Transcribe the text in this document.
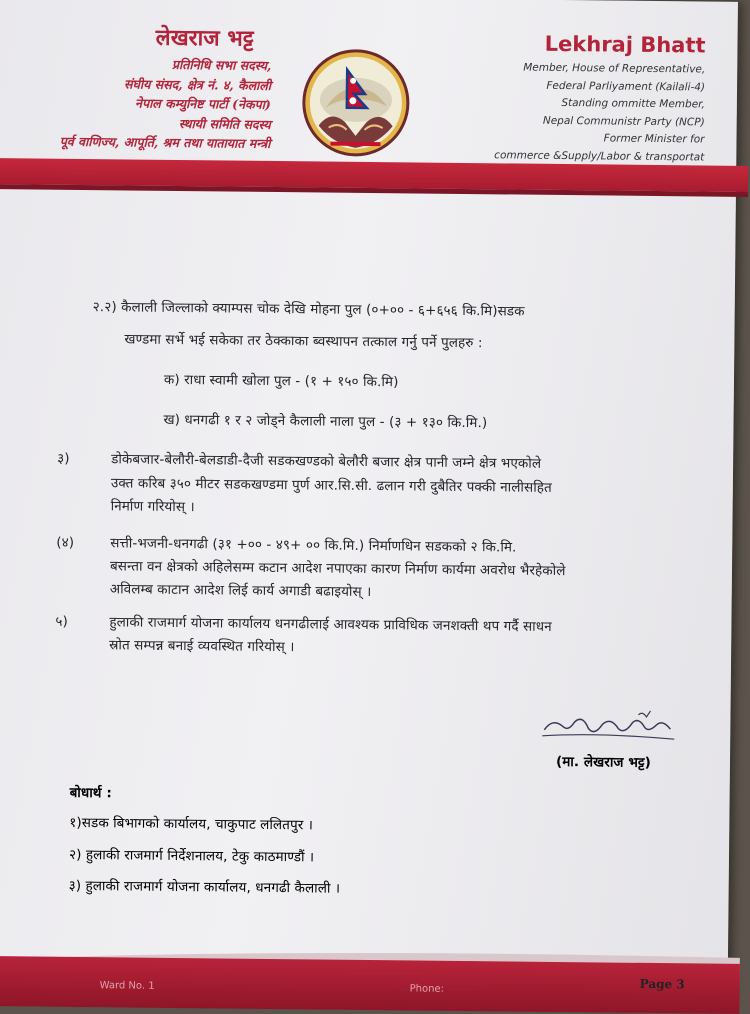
लेखराज भट्ट
प्रतिनिधि सभा सदस्य,
संघीय संसद, क्षेत्र नं. ४, कैलाली
नेपाल कम्युनिष्ट पार्टी (नेकपा)
स्थायी समिति सदस्य
पूर्व वाणिज्य, आपूर्ति, श्रम तथा यातायात मन्त्री
Lekhraj Bhatt
Member, House of Representative,
Federal Parliyament (Kailali-4)
Standing ommitte Member,
Nepal Communistr Party (NCP)
Former Minister for
commerce &Supply/Labor & transportat
२.२) कैलाली जिल्लाको क्याम्पस चोक देखि मोहना पुल (०+०० - ६+६५६ कि.मि)सडक
खण्डमा सर्भे भई सकेका तर ठेक्काका ब्वस्थापन तत्काल गर्नु पर्ने पुलहरु :
क) राधा स्वामी खोला पुल - (१ + १५० कि.मि)
ख) धनगढी १ र २ जोड्ने कैलाली नाला पुल - (३ + १३० कि.मि.)
३)	डोकेबजार-बेलौरी-बेलडाडी-दैजी सडकखण्डको बेलौरी बजार क्षेत्र पानी जम्ने क्षेत्र भएकोले
उक्त करिब ३५० मीटर सडकखण्डमा पुर्ण आर.सि.सी. ढलान गरी दुबैतिर पक्की नालीसहित
निर्माण गरियोस् ।
(४)	सत्ती-भजनी-धनगढी (३१ +०० - ४९+ ०० कि.मि.) निर्माणधिन सडकको २ कि.मि.
बसन्ता वन क्षेत्रको अहिलेसम्म कटान आदेश नपाएका कारण निर्माण कार्यमा अवरोध भैरहेकोले
अविलम्ब काटान आदेश लिई कार्य अगाडी बढाइयोस् ।
५)	हुलाकी राजमार्ग योजना कार्यालय धनगढीलाई आवश्यक प्राविधिक जनशक्ती थप गर्दै साधन
स्रोत सम्पन्न बनाई व्यवस्थित गरियोस् ।
(मा. लेखराज भट्ट)
बोधार्थ :
१)सडक बिभागको कार्यालय, चाकुपाट ललितपुर ।
२) हुलाकी राजमार्ग निर्देशनालय, टेकु काठमाण्डौं ।
३) हुलाकी राजमार्ग योजना कार्यालय, धनगढी कैलाली ।
Ward No. 1	Phone:	Page 3
